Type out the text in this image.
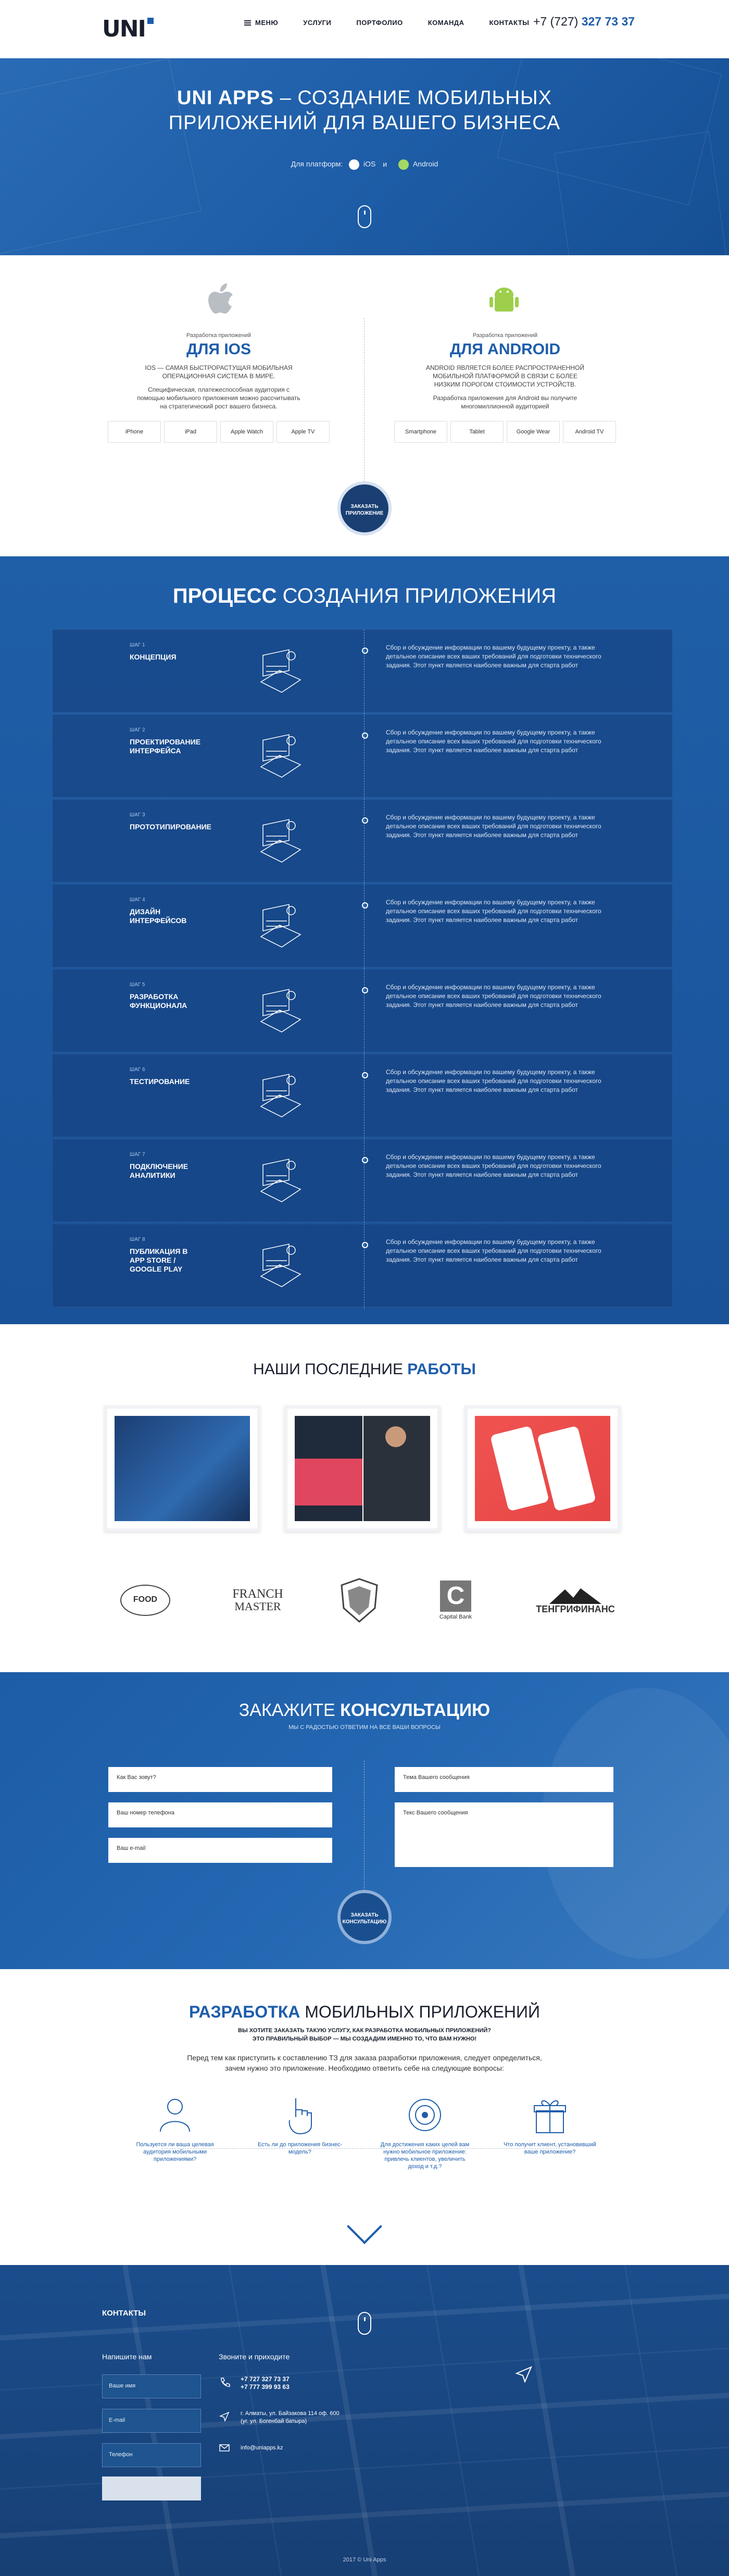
UNI	МЕНЮ	УСЛУГИ	ПОРТФОЛИО	КОМАНДА	КОНТАКТЫ +7 (727) 327 73 37
UNI APPS – СОЗДАНИЕ МОБИЛЬНЫХ
ПРИЛОЖЕНИЙ ДЛЯ ВАШЕГО БИЗНЕСА
Для платформ:	iOS и	Android
Разработка приложений
ДЛЯ IOS

IOS — САМАЯ БЫСТРОРАСТУЩАЯ МОБИЛЬНАЯ ОПЕРАЦИОННАЯ СИСТЕМА В МИРЕ.

Специфическая, платежеспособная аудитория с помощью мобильного приложения можно рассчитывать на стратегический рост вашего бизнеса.

iPhone	iPad	Apple Watch	Apple TV
Разработка приложений
ДЛЯ ANDROID

ANDROID ЯВЛЯЕТСЯ БОЛЕЕ РАСПРОСТРАНЕННОЙ МОБИЛЬНОЙ ПЛАТФОРМОЙ В СВЯЗИ С БОЛЕЕ НИЗКИМ ПОРОГОМ СТОИМОСТИ УСТРОЙСТВ.

Разработка приложения для Android вы получите многомиллионной аудиторией

Smartphone	Tablet	Google Wear	Android TV
ЗАКАЗАТЬ
ПРИЛОЖЕНИЕ
ПРОЦЕСС СОЗДАНИЯ ПРИЛОЖЕНИЯ
ШАГ 1
КОНЦЕПЦИЯ
Сбор и обсуждение информации по вашему будущему проекту, а также детальное описание всех ваших требований для подготовки технического задания. Этот пункт является наиболее важным для старта работ
ШАГ 2
ПРОЕКТИРОВАНИЕ ИНТЕРФЕЙСА
Сбор и обсуждение информации по вашему будущему проекту, а также детальное описание всех ваших требований для подготовки технического задания. Этот пункт является наиболее важным для старта работ
ШАГ 3
ПРОТОТИПИРОВАНИЕ
Сбор и обсуждение информации по вашему будущему проекту, а также детальное описание всех ваших требований для подготовки технического задания. Этот пункт является наиболее важным для старта работ
ШАГ 4
ДИЗАЙН ИНТЕРФЕЙСОВ
Сбор и обсуждение информации по вашему будущему проекту, а также детальное описание всех ваших требований для подготовки технического задания. Этот пункт является наиболее важным для старта работ
ШАГ 5
РАЗРАБОТКА ФУНКЦИОНАЛА
Сбор и обсуждение информации по вашему будущему проекту, а также детальное описание всех ваших требований для подготовки технического задания. Этот пункт является наиболее важным для старта работ
ШАГ 6
ТЕСТИРОВАНИЕ
Сбор и обсуждение информации по вашему будущему проекту, а также детальное описание всех ваших требований для подготовки технического задания. Этот пункт является наиболее важным для старта работ
ШАГ 7
ПОДКЛЮЧЕНИЕ АНАЛИТИКИ
Сбор и обсуждение информации по вашему будущему проекту, а также детальное описание всех ваших требований для подготовки технического задания. Этот пункт является наиболее важным для старта работ
ШАГ 8
ПУБЛИКАЦИЯ В APP STORE / GOOGLE PLAY
Сбор и обсуждение информации по вашему будущему проекту, а также детальное описание всех ваших требований для подготовки технического задания. Этот пункт является наиболее важным для старта работ
НАШИ ПОСЛЕДНИЕ РАБОТЫ
FOOD	FRANCH
MASTER	C
Capital Bank
ТЕНГРИФИНАНС
ЗАКАЖИТЕ КОНСУЛЬТАЦИЮ
МЫ С РАДОСТЬЮ ОТВЕТИМ НА ВСЕ ВАШИ ВОПРОСЫ
Как Вас зовут?
Ваш номер телефона
Ваш e-mail
Тема Вашего сообщения
Текс Вашего сообщения
ЗАКАЗАТЬ
КОНСУЛЬТАЦИЮ
РАЗРАБОТКА МОБИЛЬНЫХ ПРИЛОЖЕНИЙ
ВЫ ХОТИТЕ ЗАКАЗАТЬ ТАКУЮ УСЛУГУ, КАК РАЗРАБОТКА МОБИЛЬНЫХ ПРИЛОЖЕНИЙ?
ЭТО ПРАВИЛЬНЫЙ ВЫБОР — МЫ СОЗДАДИМ ИМЕННО ТО, ЧТО ВАМ НУЖНО!
Перед тем как приступить к составлению ТЗ для заказа разработки приложения, следует определиться,
зачем нужно это приложение. Необходимо ответить себе на следующие вопросы:
Пользуется ли ваша целевая аудитория мобильными приложениями?
Есть ли до приложения бизнес-модель?
Для достижения каких целей вам нужно мобильное приложение: привлечь клиентов, увеличить доход и т.д.?
Что получит клиент, установивший ваше приложение?
КОНТАКТЫ
Напишите нам
Ваше имя
E-mail
Телефон
Звоните и приходите
+7 727 327 73 37
+7 777 399 93 63
г. Алматы, ул. Байзакова 114 оф. 600
(уг. ул. Богенбай батыра)
info@uniapps.kz
2017 © Uni Apps
